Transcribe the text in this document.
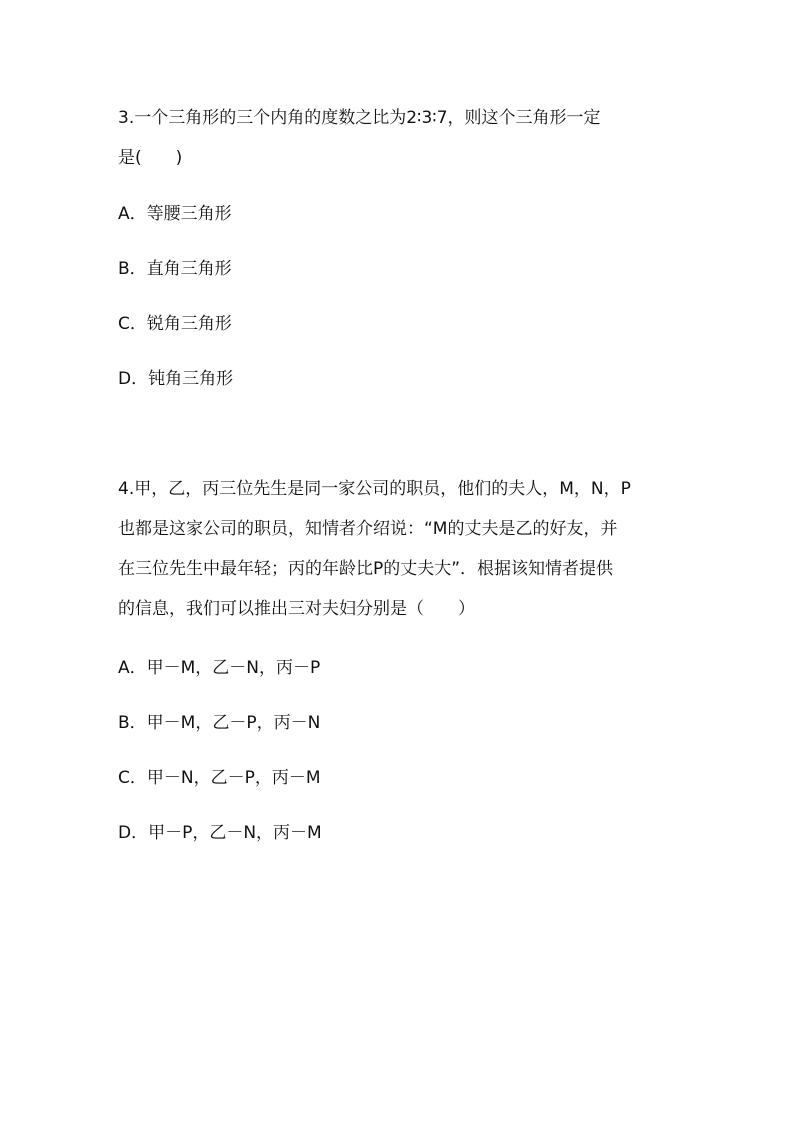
3.一个三角形的三个内角的度数之比为2∶3∶7，则这个三角形一定
是(　　)
A．等腰三角形
B．直角三角形
C．锐角三角形
D．钝角三角形
4.甲，乙，丙三位先生是同一家公司的职员，他们的夫人，M，N，P
也都是这家公司的职员，知情者介绍说：“M的丈夫是乙的好友，并
在三位先生中最年轻；丙的年龄比P的丈夫大”．根据该知情者提供
的信息，我们可以推出三对夫妇分别是（　　）
A．甲－M，乙－N，丙－P
B．甲－M，乙－P，丙－N
C．甲－N，乙－P，丙－M
D．甲－P，乙－N，丙－M
